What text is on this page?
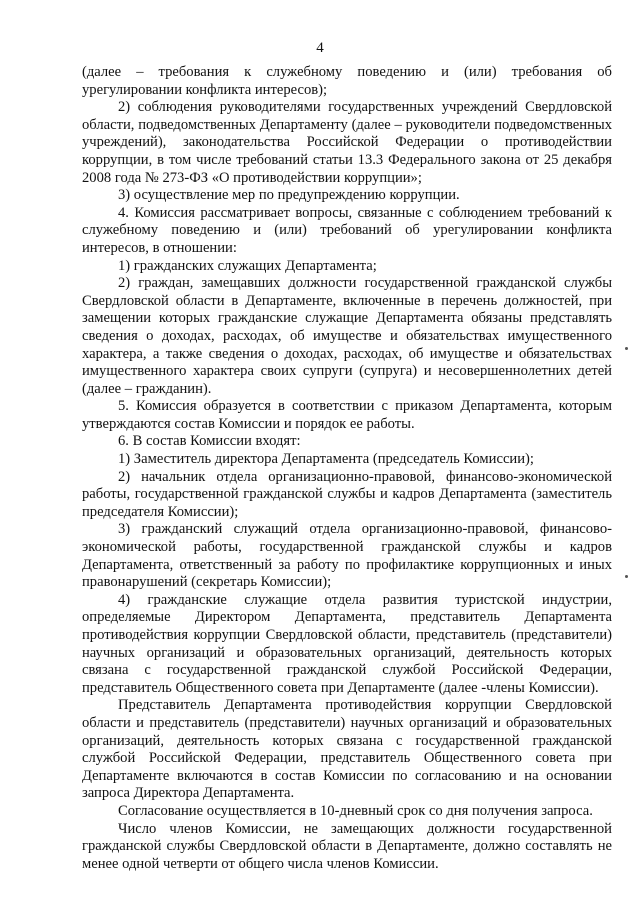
4

(далее – требования к служебному поведению и (или) требования об урегулировании конфликта интересов);

2) соблюдения руководителями государственных учреждений Свердловской области, подведомственных Департаменту (далее – руководители подведомственных учреждений), законодательства Российской Федерации о противодействии коррупции, в том числе требований статьи 13.3 Федерального закона от 25 декабря 2008 года № 273-ФЗ «О противодействии коррупции»;

3) осуществление мер по предупреждению коррупции.

4. Комиссия рассматривает вопросы, связанные с соблюдением требований к служебному поведению и (или) требований об урегулировании конфликта интересов, в отношении:

1) гражданских служащих Департамента;

2) граждан, замещавших должности государственной гражданской службы Свердловской области в Департаменте, включенные в перечень должностей, при замещении которых гражданские служащие Департамента обязаны представлять сведения о доходах, расходах, об имуществе и обязательствах имущественного характера, а также сведения о доходах, расходах, об имуществе и обязательствах имущественного характера своих супруги (супруга) и несовершеннолетних детей (далее – гражданин).

5. Комиссия образуется в соответствии с приказом Департамента, которым утверждаются состав Комиссии и порядок ее работы.

6. В состав Комиссии входят:

1) Заместитель директора Департамента (председатель Комиссии);

2) начальник отдела организационно-правовой, финансово-экономической работы, государственной гражданской службы и кадров Департамента (заместитель председателя Комиссии);

3) гражданский служащий отдела организационно-правовой, финансово-экономической работы, государственной гражданской службы и кадров Департамента, ответственный за работу по профилактике коррупционных и иных правонарушений (секретарь Комиссии);

4) гражданские служащие отдела развития туристской индустрии, определяемые Директором Департамента, представитель Департамента противодействия коррупции Свердловской области, представитель (представители) научных организаций и образовательных организаций, деятельность которых связана с государственной гражданской службой Российской Федерации, представитель Общественного совета при Департаменте (далее -члены Комиссии).

Представитель Департамента противодействия коррупции Свердловской области и представитель (представители) научных организаций и образовательных организаций, деятельность которых связана с государственной гражданской службой Российской Федерации, представитель Общественного совета при Департаменте включаются в состав Комиссии по согласованию и на основании запроса Директора Департамента.

Согласование осуществляется в 10-дневный срок со дня получения запроса.

Число членов Комиссии, не замещающих должности государственной гражданской службы Свердловской области в Департаменте, должно составлять не менее одной четверти от общего числа членов Комиссии.
